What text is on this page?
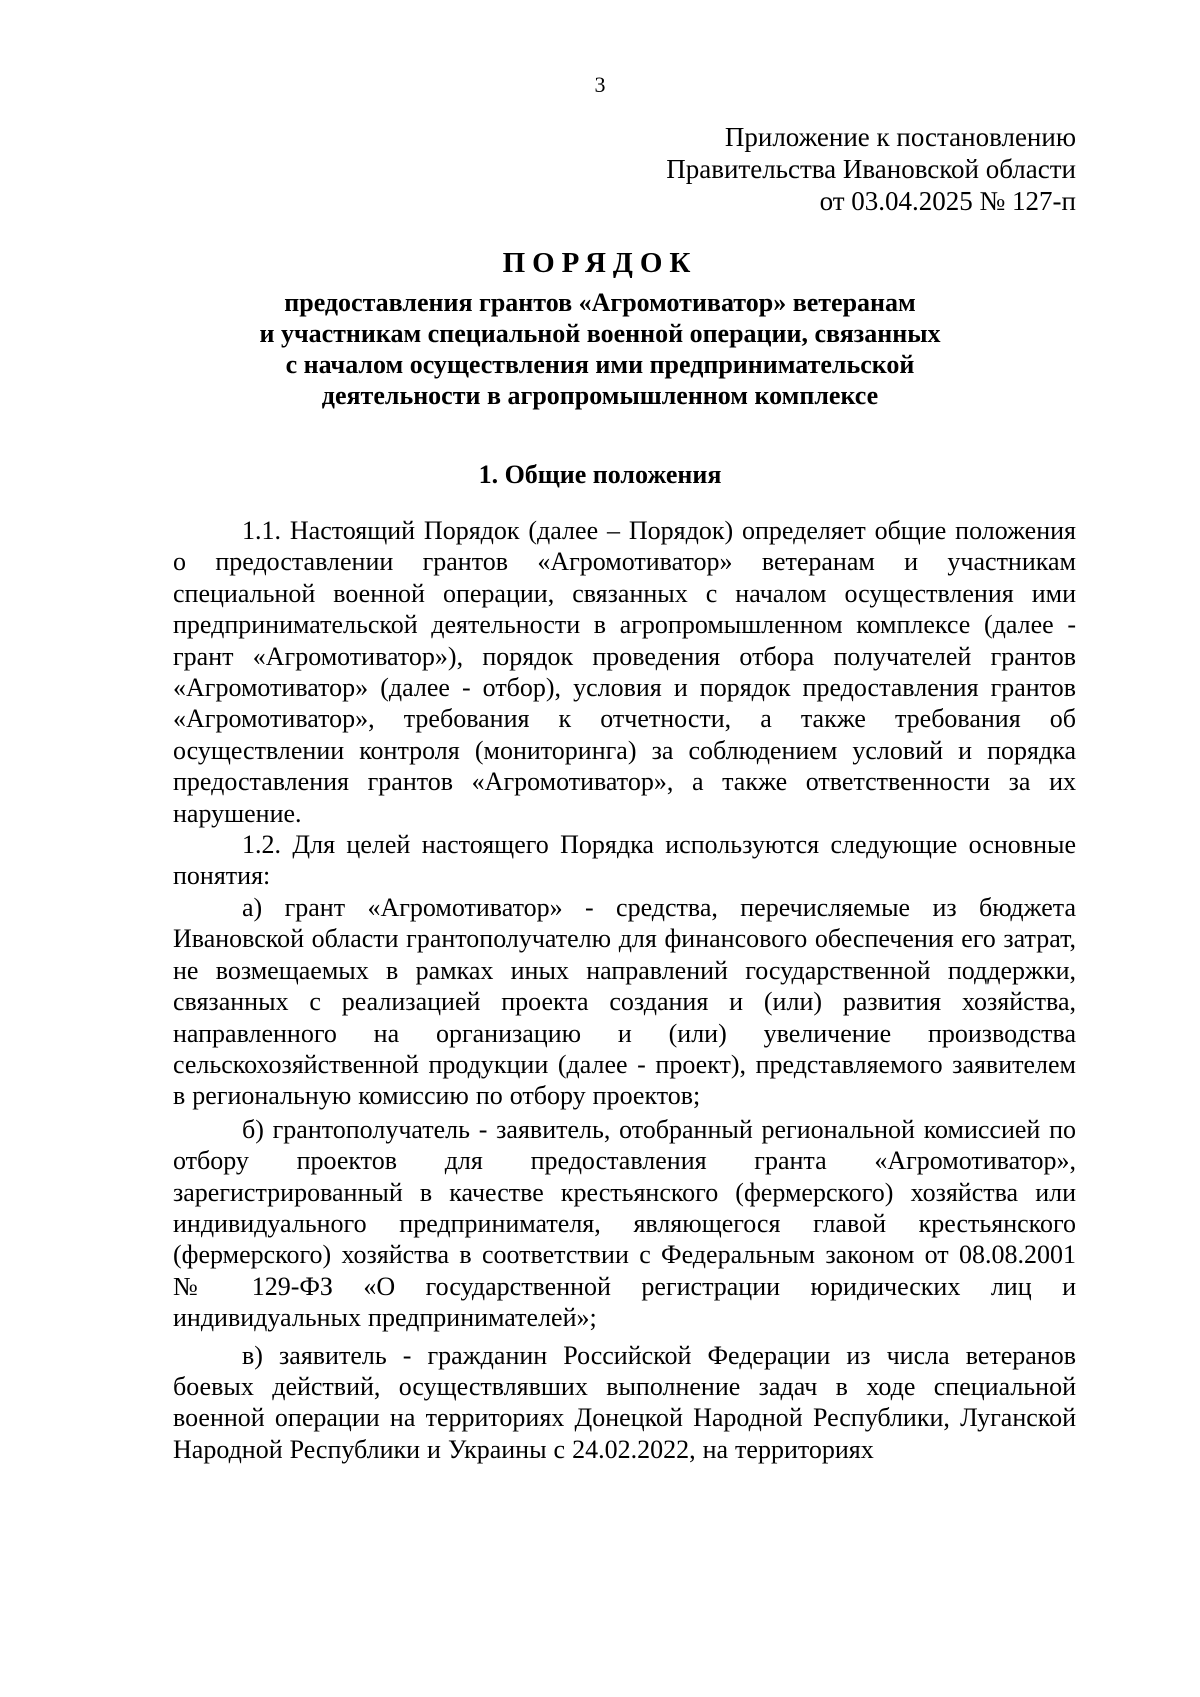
3
Приложение к постановлению
Правительства Ивановской области
от 03.04.2025 № 127-п
ПОРЯДОК
предоставления грантов «Агромотиватор» ветеранам
и участникам специальной военной операции, связанных
с началом осуществления ими предпринимательской
деятельности в агропромышленном комплексе
1. Общие положения

1.1. Настоящий Порядок (далее – Порядок) определяет общие положения о предоставлении грантов «Агромотиватор» ветеранам и участникам специальной военной операции, связанных с началом осуществления ими предпринимательской деятельности в агропромышленном комплексе (далее - грант «Агромотиватор»), порядок проведения отбора получателей грантов «Агромотиватор» (далее - отбор), условия и порядок предоставления грантов «Агромотиватор», требования к отчетности, а также требования об осуществлении контроля (мониторинга) за соблюдением условий и порядка предоставления грантов «Агромотиватор», а также ответственности за их нарушение.

1.2. Для целей настоящего Порядка используются следующие основные понятия:

а) грант «Агромотиватор» - средства, перечисляемые из бюджета Ивановской области грантополучателю для финансового обеспечения его затрат, не возмещаемых в рамках иных направлений государственной поддержки, связанных с реализацией проекта создания и (или) развития хозяйства, направленного на организацию и (или) увеличение производства сельскохозяйственной продукции (далее - проект), представляемого заявителем в региональную комиссию по отбору проектов;

б) грантополучатель - заявитель, отобранный региональной комиссией по отбору проектов для предоставления гранта «Агромотиватор», зарегистрированный в качестве крестьянского (фермерского) хозяйства или индивидуального предпринимателя, являющегося главой крестьянского (фермерского) хозяйства в соответствии с Федеральным законом от 08.08.2001 № 129-ФЗ «О государственной регистрации юридических лиц и индивидуальных предпринимателей»;

в) заявитель - гражданин Российской Федерации из числа ветеранов боевых действий, осуществлявших выполнение задач в ходе специальной военной операции на территориях Донецкой Народной Республики, Луганской Народной Республики и Украины с 24.02.2022, на территориях
